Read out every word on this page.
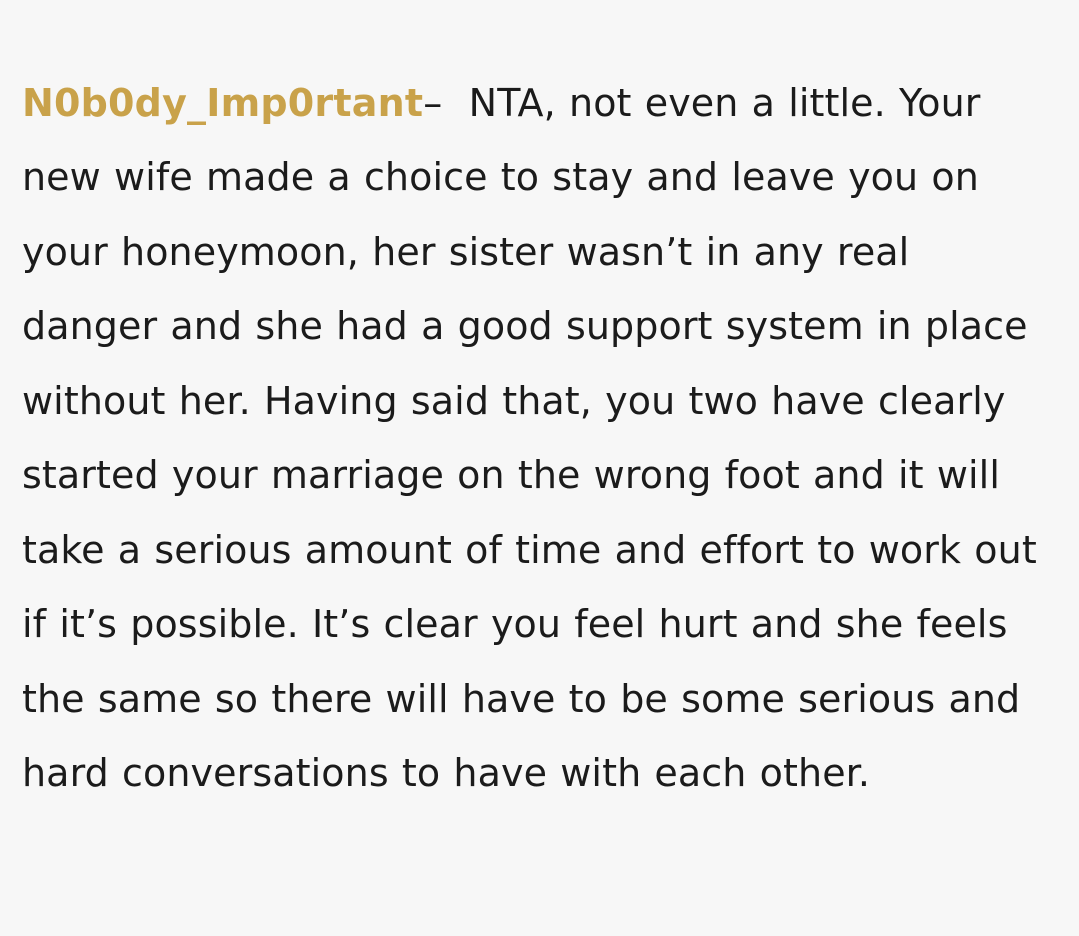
N0b0dy_Imp0rtant– NTA, not even a little. Your new wife made a choice to stay and leave you on your honeymoon, her sister wasn’t in any real danger and she had a good support system in place without her. Having said that, you two have clearly started your marriage on the wrong foot and it will take a serious amount of time and effort to work out if it’s possible. It’s clear you feel hurt and she feels the same so there will have to be some serious and hard conversations to have with each other.
